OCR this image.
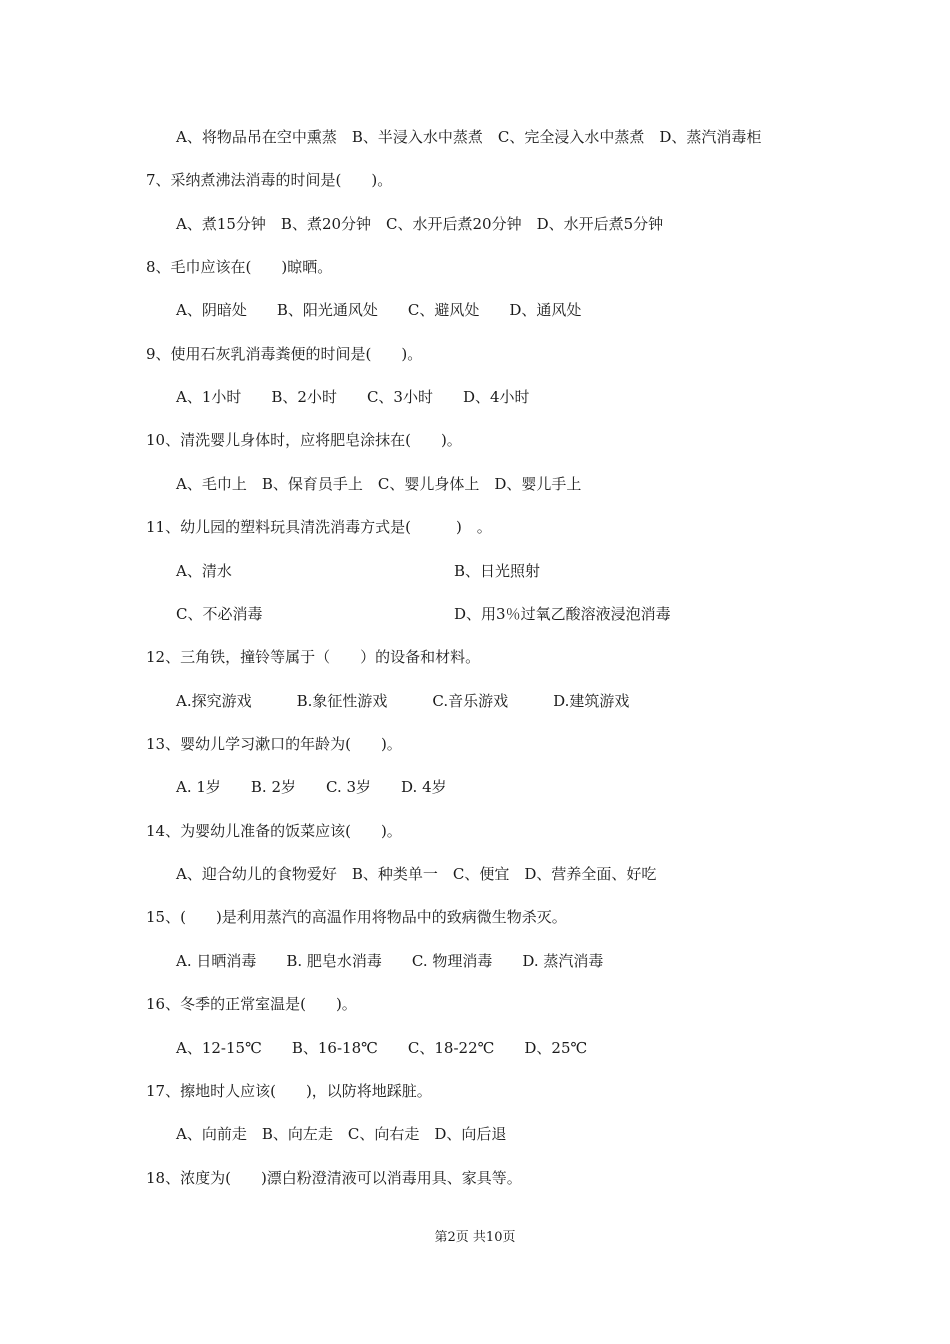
A、将物品吊在空中熏蒸　B、半浸入水中蒸煮　C、完全浸入水中蒸煮　D、蒸汽消毒柜
7、采纳煮沸法消毒的时间是(　　)。
A、煮15分钟　B、煮20分钟　C、水开后煮20分钟　D、水开后煮5分钟
8、毛巾应该在(　　)晾晒。
A、阴暗处　　B、阳光通风处　　C、避风处　　D、通风处
9、使用石灰乳消毒粪便的时间是(　　)。
A、1小时　　B、2小时　　C、3小时　　D、4小时
10、清洗婴儿身体时，应将肥皂涂抹在(　　)。
A、毛巾上　B、保育员手上　C、婴儿身体上　D、婴儿手上
11、幼儿园的塑料玩具清洗消毒方式是(　　　)　。
A、清水	B、日光照射
C、不必消毒	D、用3％过氧乙酸溶液浸泡消毒
12、三角铁，撞铃等属于（　　）的设备和材料。
A.探究游戏　　　B.象征性游戏　　　C.音乐游戏　　　D.建筑游戏
13、婴幼儿学习漱口的年龄为(　　)。
A. 1岁　　B. 2岁　　C. 3岁　　D. 4岁
14、为婴幼儿准备的饭菜应该(　　)。
A、迎合幼儿的食物爱好　B、种类单一　C、便宜　D、营养全面、好吃
15、(　　)是利用蒸汽的高温作用将物品中的致病微生物杀灭。
A. 日晒消毒　　B. 肥皂水消毒　　C. 物理消毒　　D. 蒸汽消毒
16、冬季的正常室温是(　　)。
A、12-15℃　　B、16-18℃　　C、18-22℃　　D、25℃
17、擦地时人应该(　　)，以防将地踩脏。
A、向前走　B、向左走　C、向右走　D、向后退
18、浓度为(　　)漂白粉澄清液可以消毒用具、家具等。
第2页 共10页
